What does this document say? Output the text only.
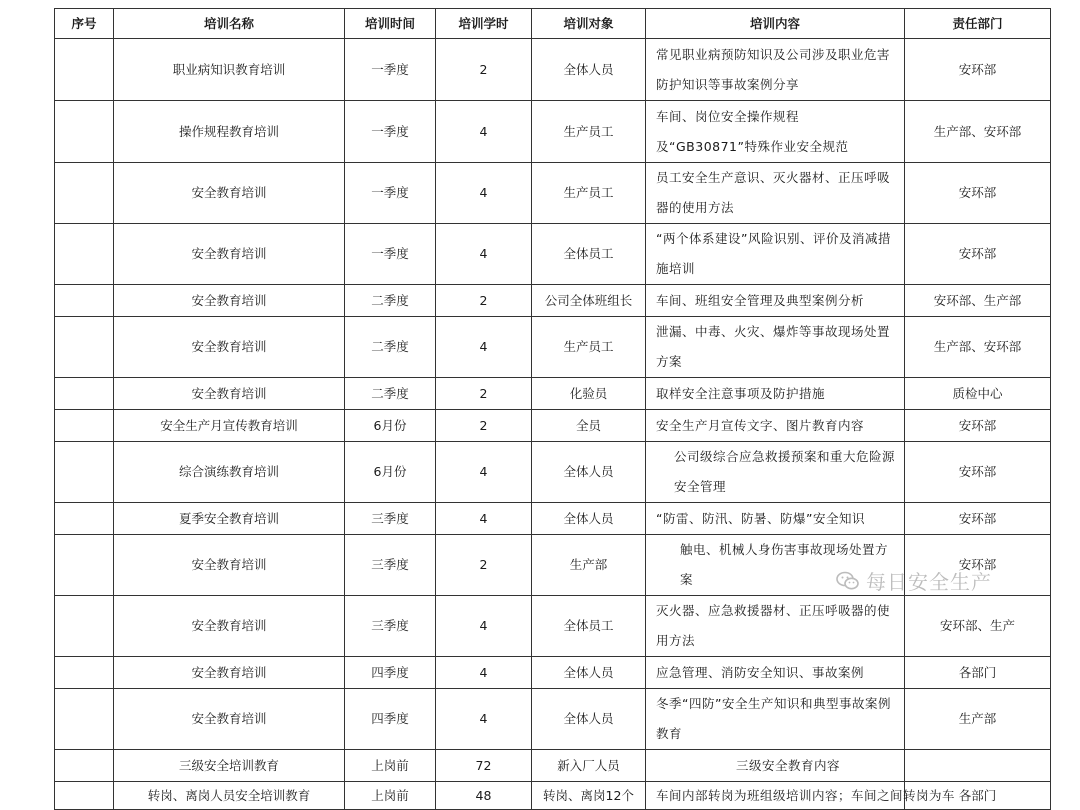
序号	培训名称	培训时间	培训学时	培训对象	培训内容	责任部门
	职业病知识教育培训	一季度	2	全体人员	常见职业病预防知识及公司涉及职业危害防护知识等事故案例分享	安环部
	操作规程教育培训	一季度	4	生产员工	车间、岗位安全操作规程及“GB30871”特殊作业安全规范	生产部、安环部
	安全教育培训	一季度	4	生产员工	员工安全生产意识、灭火器材、正压呼吸器的使用方法	安环部
	安全教育培训	一季度	4	全体员工	“两个体系建设”风险识别、评价及消减措施培训	安环部
	安全教育培训	二季度	2	公司全体班组长	车间、班组安全管理及典型案例分析	安环部、生产部
	安全教育培训	二季度	4	生产员工	泄漏、中毒、火灾、爆炸等事故现场处置方案	生产部、安环部
	安全教育培训	二季度	2	化验员	取样安全注意事项及防护措施	质检中心
	安全生产月宣传教育培训	6月份	2	全员	安全生产月宣传文字、图片教育内容	安环部
	综合演练教育培训	6月份	4	全体人员	公司级综合应急救援预案和重大危险源安全管理	安环部
	夏季安全教育培训	三季度	4	全体人员	“防雷、防汛、防暑、防爆”安全知识	安环部
	安全教育培训	三季度	2	生产部	触电、机械人身伤害事故现场处置方案	安环部
	安全教育培训	三季度	4	全体员工	灭火器、应急救援器材、正压呼吸器的使用方法	安环部、生产
	安全教育培训	四季度	4	全体人员	应急管理、消防安全知识、事故案例	各部门
	安全教育培训	四季度	4	全体人员	冬季“四防”安全生产知识和典型事故案例教育	生产部
	三级安全培训教育	上岗前	72	新入厂人员	三级安全教育内容	
	转岗、离岗人员安全培训教育	上岗前	48	转岗、离岗12个	车间内部转岗为班组级培训内容；车间之间转岗为车	各部门
每日安全生产
